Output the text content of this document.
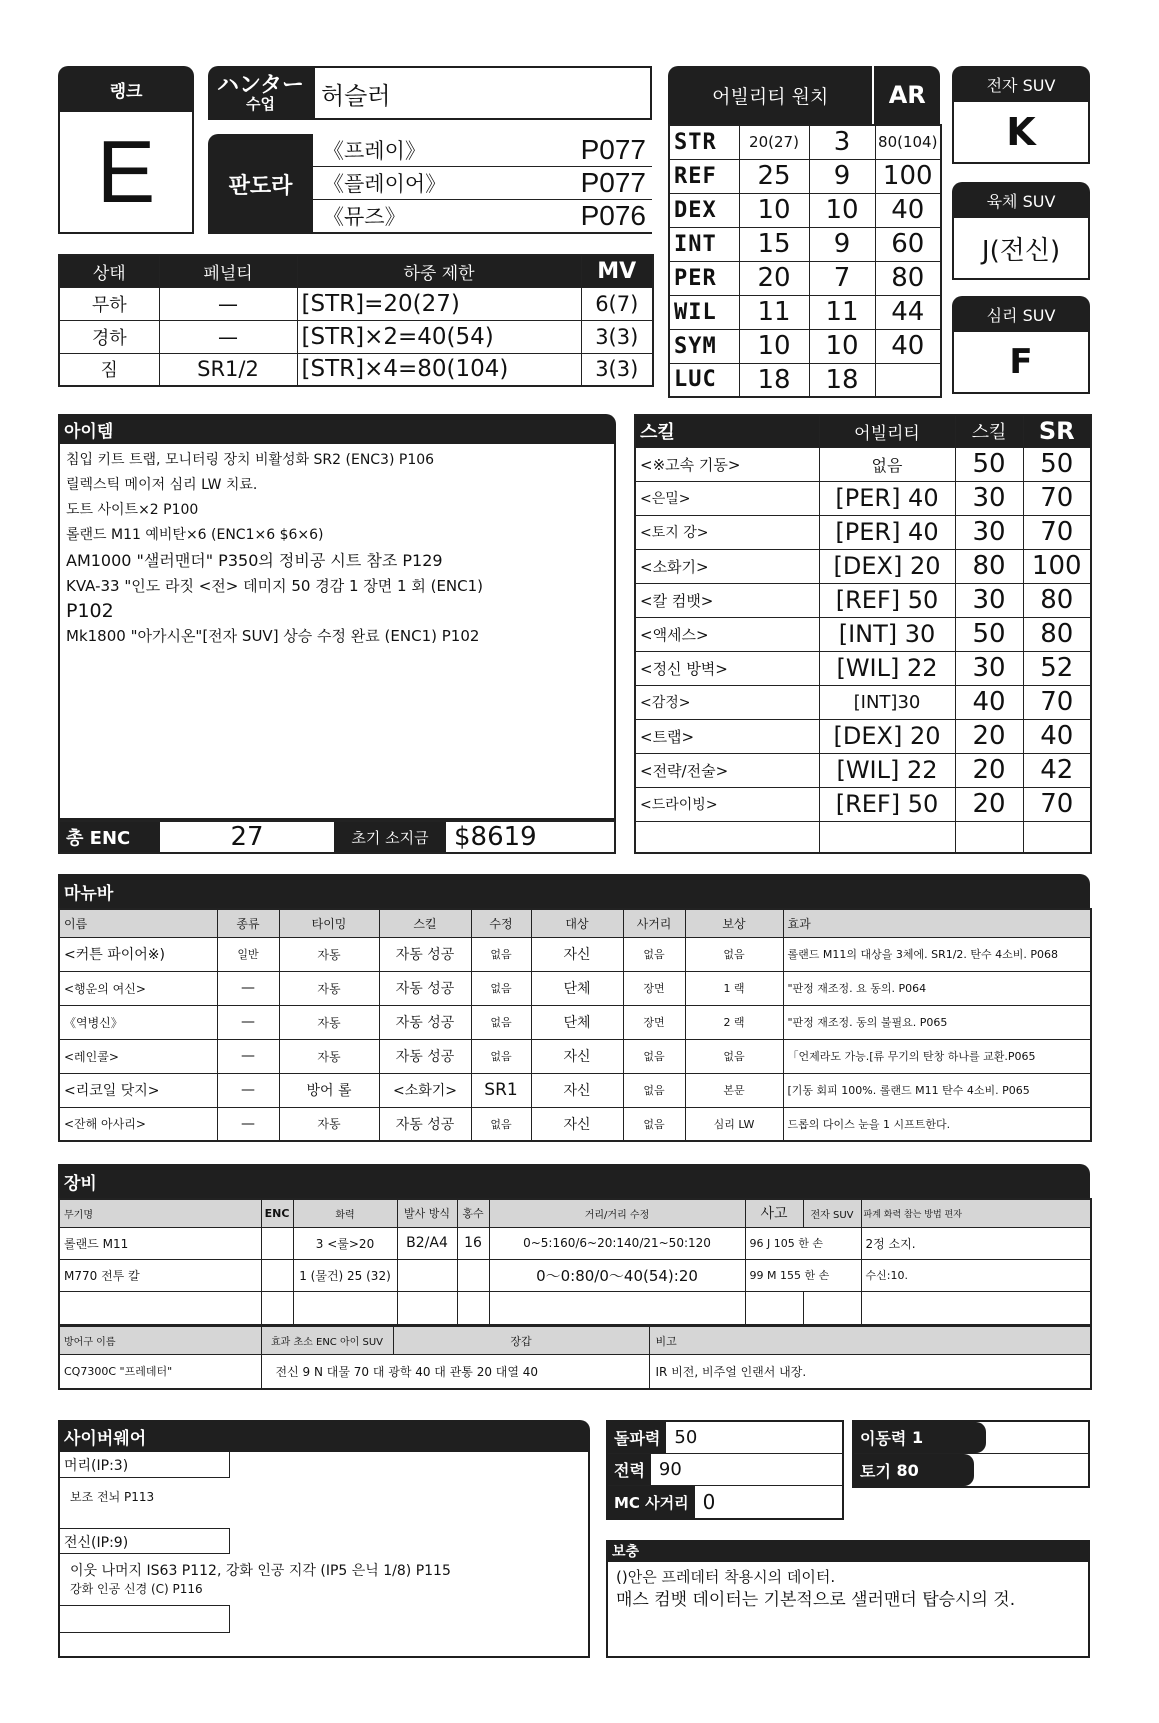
랭크
E
ハンター
수업	허슬러
판도라
《프레이》	P077
《플레이어》	P077
《뮤즈》	P076
어빌리티 원치	AR
STR	20(27)	3	80(104)
REF	25	9	100
DEX	10	10	40
INT	15	9	60
PER	20	7	80
WIL	11	11	44
SYM	10	10	40
LUC	18	18	
전자 SUV
K
육체 SUV
J(전신)
심리 SUV
F
상태	페널티	하중 제한	MV
무하	—	[STR]=20(27)	6(7)
경하	—	[STR]×2=40(54)	3(3)
짐	SR1/2	[STR]×4=80(104)	3(3)
아이템
침입 키트 트랩, 모니터링 장치 비활성화 SR2 (ENC3) P106
릴렉스틱 메이저 심리 LW 치료.
도트 사이트×2 P100
롤랜드 M11 예비탄×6 (ENC1×6 $6×6)
AM1000 "샐러맨더" P350의 정비공 시트 참조 P129
KVA-33 "인도 라짓 <전> 데미지 50 경감 1 장면 1 회 (ENC1)
P102
Mk1800 "아가시온"[전자 SUV] 상승 수정 완료 (ENC1) P102
총 ENC	27	초기 소지금 $8619
스킬	어빌리티	스킬	SR
<※고속 기동>	없음	50	50
<은밀>	[PER] 40	30	70
<토지 강>	[PER] 40	30	70
<소화기>	[DEX] 20	80	100
<칼 컴뱃>	[REF] 50	30	80
<액세스>	[INT] 30	50	80
<정신 방벽>	[WIL] 22	30	52
<감정>	[INT]30	40	70
<트랩>	[DEX] 20	20	40
<전략/전술>	[WIL] 22	20	42
<드라이빙>	[REF] 50	20	70

마뉴바
이름	종류	타이밍	스킬	수정	대상	사거리	보상	효과
<커튼 파이어※)	일반	자동	자동 성공	없음	자신	없음	없음	롤랜드 M11의 대상을 3체에. SR1/2. 탄수 4소비. P068
<행운의 여신>	—	자동	자동 성공	없음	단체	장면	1 랙	"판정 재조정. 요 동의. P064
《역병신》	—	자동	자동 성공	없음	단체	장면	2 랙	"판정 재조정. 동의 불필요. P065
<레인콜>	—	자동	자동 성공	없음	자신	없음	없음	「언제라도 가능.[류 무기의 탄창 하나를 교환.P065
<리코일 닷지>	—	방어 롤	<소화기>	SR1	자신	없음	본문	[기동 회피 100%. 롤랜드 M11 탄수 4소비. P065
<잔해 아사리>	—	자동	자동 성공	없음	자신	없음	심리 LW	드롭의 다이스 눈을 1 시프트한다.
장비
무기명	ENC	화력	발사 방식	홍수	거리/거리 수정	사고	전자 SUV	파계 화력 참는 방법 편자
롤랜드 M11		3 <룰>20	B2/A4	16	0~5:160/6~20:140/21~50:120	96 J 105 한 손		2정 소지.
M770 전투 칼		1 (물건) 25 (32)			0～0:80/0～40(54):20	99 M 155 한 손		수신:10.

방어구 이름	효과 초소 ENC 아이 SUV	장갑	비고
CQ7300C "프레데터"	전신 9 N 대물 70 대 광학 40 대 관통 20 대열 40		IR 비전, 비주얼 인랜서 내장.
사이버웨어
머리(IP:3)
보조 전뇌 P113
전신(IP:9)
이웃 나머지 IS63 P112, 강화 인공 지각 (IP5 은닉 1/8) P115
강화 인공 신경 (C) P116
돌파력 50
전력 90
MC 사거리 0
이동력
1
토기
80
보충
()안은 프레데터 착용시의 데이터.
매스 컴뱃 데이터는 기본적으로 샐러맨더 탑승시의 것.
